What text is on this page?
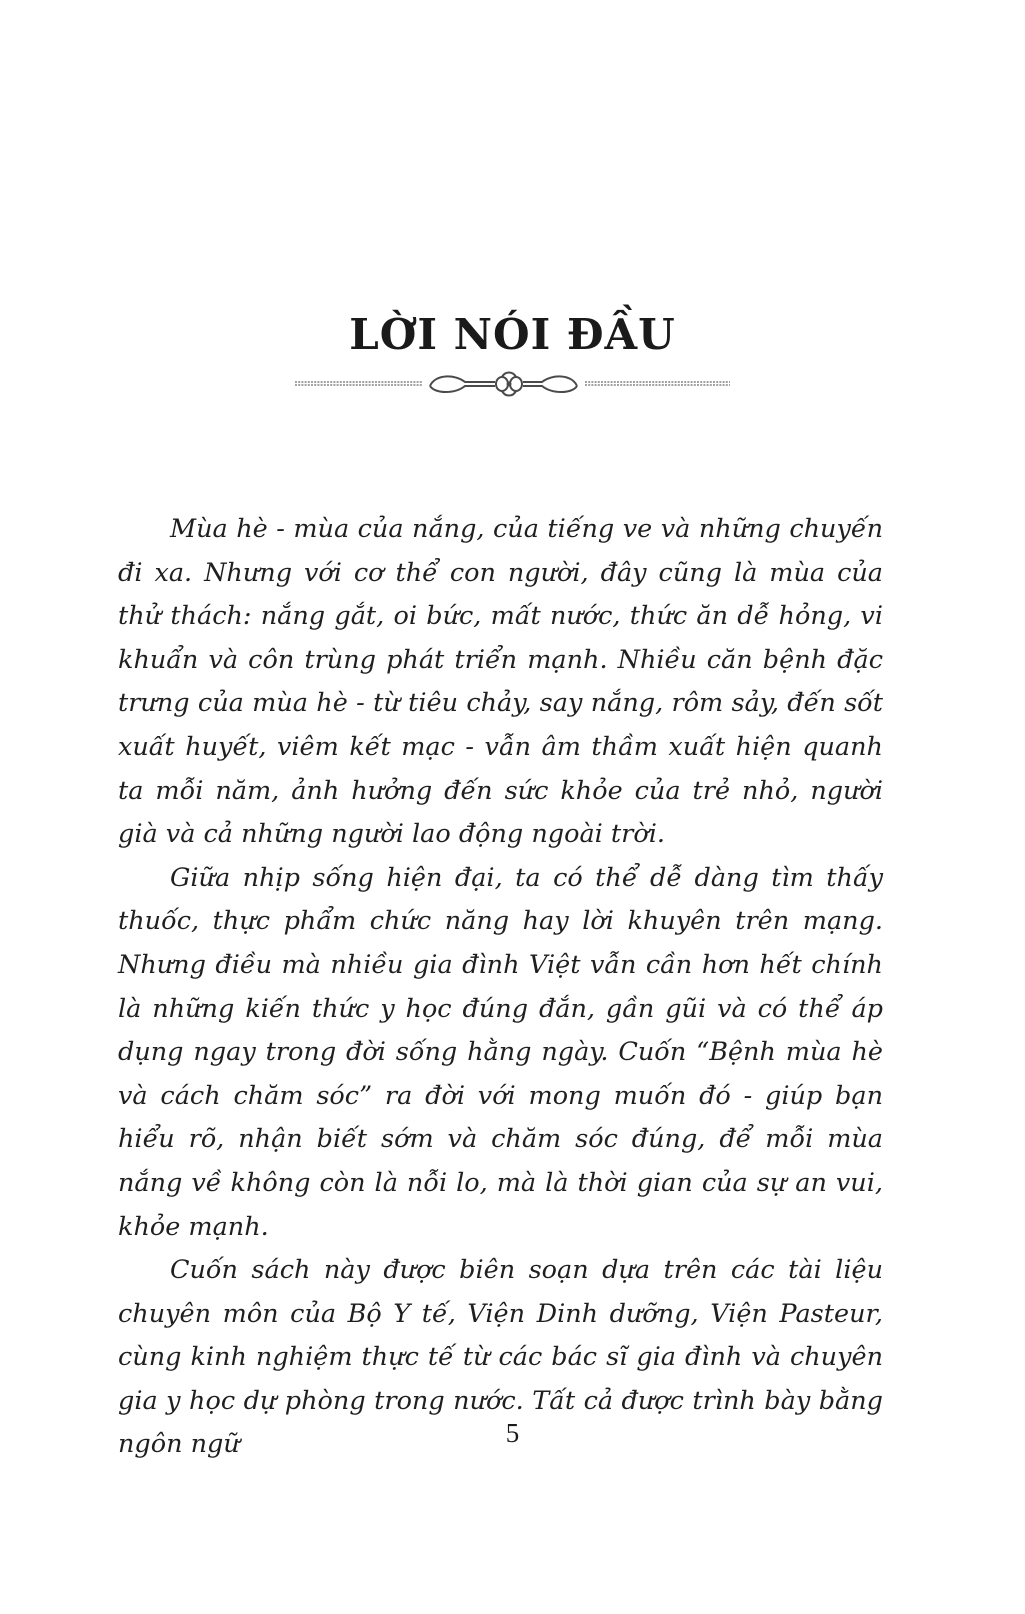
LỜI NÓI ĐẦU

Mùa hè - mùa của nắng, của tiếng ve và những chuyến đi xa. Nhưng với cơ thể con người, đây cũng là mùa của thử thách: nắng gắt, oi bức, mất nước, thức ăn dễ hỏng, vi khuẩn và côn trùng phát triển mạnh. Nhiều căn bệnh đặc trưng của mùa hè - từ tiêu chảy, say nắng, rôm sảy, đến sốt xuất huyết, viêm kết mạc - vẫn âm thầm xuất hiện quanh ta mỗi năm, ảnh hưởng đến sức khỏe của trẻ nhỏ, người già và cả những người lao động ngoài trời.

Giữa nhịp sống hiện đại, ta có thể dễ dàng tìm thấy thuốc, thực phẩm chức năng hay lời khuyên trên mạng. Nhưng điều mà nhiều gia đình Việt vẫn cần hơn hết chính là những kiến thức y học đúng đắn, gần gũi và có thể áp dụng ngay trong đời sống hằng ngày. Cuốn “Bệnh mùa hè và cách chăm sóc” ra đời với mong muốn đó - giúp bạn hiểu rõ, nhận biết sớm và chăm sóc đúng, để mỗi mùa nắng về không còn là nỗi lo, mà là thời gian của sự an vui, khỏe mạnh.

Cuốn sách này được biên soạn dựa trên các tài liệu chuyên môn của Bộ Y tế, Viện Dinh dưỡng, Viện Pasteur, cùng kinh nghiệm thực tế từ các bác sĩ gia đình và chuyên gia y học dự phòng trong nước. Tất cả được trình bày bằng ngôn ngữ	5
